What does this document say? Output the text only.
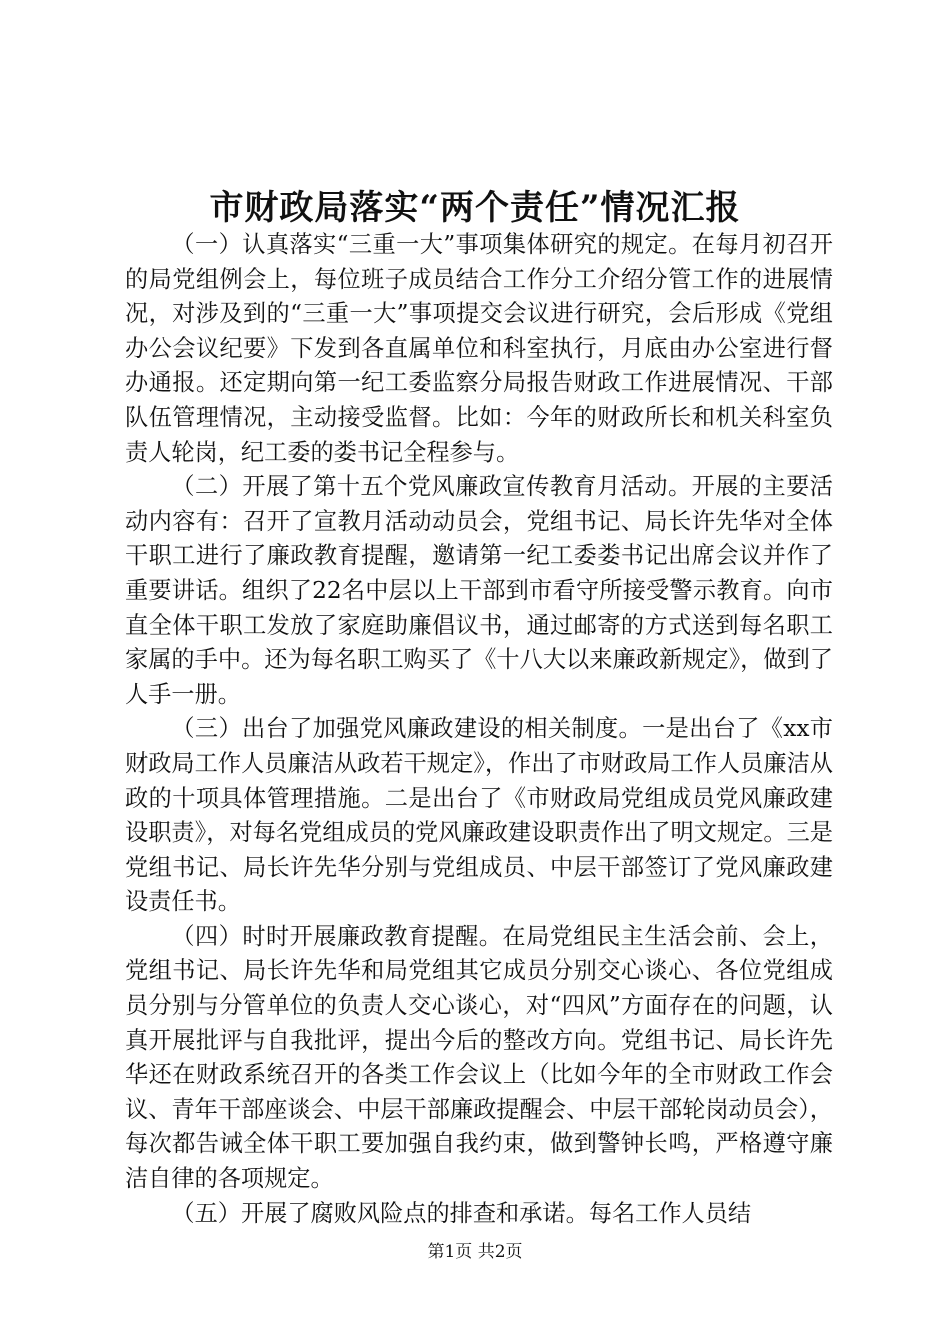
市财政局落实“两个责任”情况汇报

（一）认真落实“三重一大”事项集体研究的规定。在每月初召开的局党组例会上，每位班子成员结合工作分工介绍分管工作的进展情况，对涉及到的“三重一大”事项提交会议进行研究，会后形成《党组办公会议纪要》下发到各直属单位和科室执行，月底由办公室进行督办通报。还定期向第一纪工委监察分局报告财政工作进展情况、干部队伍管理情况，主动接受监督。比如：今年的财政所长和机关科室负责人轮岗，纪工委的娄书记全程参与。

（二）开展了第十五个党风廉政宣传教育月活动。开展的主要活动内容有：召开了宣教月活动动员会，党组书记、局长许先华对全体干职工进行了廉政教育提醒，邀请第一纪工委娄书记出席会议并作了重要讲话。组织了22名中层以上干部到市看守所接受警示教育。向市直全体干职工发放了家庭助廉倡议书，通过邮寄的方式送到每名职工家属的手中。还为每名职工购买了《十八大以来廉政新规定》，做到了人手一册。

（三）出台了加强党风廉政建设的相关制度。一是出台了《xx市财政局工作人员廉洁从政若干规定》，作出了市财政局工作人员廉洁从政的十项具体管理措施。二是出台了《市财政局党组成员党风廉政建设职责》，对每名党组成员的党风廉政建设职责作出了明文规定。三是党组书记、局长许先华分别与党组成员、中层干部签订了党风廉政建设责任书。

（四）时时开展廉政教育提醒。在局党组民主生活会前、会上，党组书记、局长许先华和局党组其它成员分别交心谈心、各位党组成员分别与分管单位的负责人交心谈心，对“四风”方面存在的问题，认真开展批评与自我批评，提出今后的整改方向。党组书记、局长许先华还在财政系统召开的各类工作会议上（比如今年的全市财政工作会议、青年干部座谈会、中层干部廉政提醒会、中层干部轮岗动员会），每次都告诫全体干职工要加强自我约束，做到警钟长鸣，严格遵守廉洁自律的各项规定。

（五）开展了腐败风险点的排查和承诺。每名工作人员结

第1页 共2页
